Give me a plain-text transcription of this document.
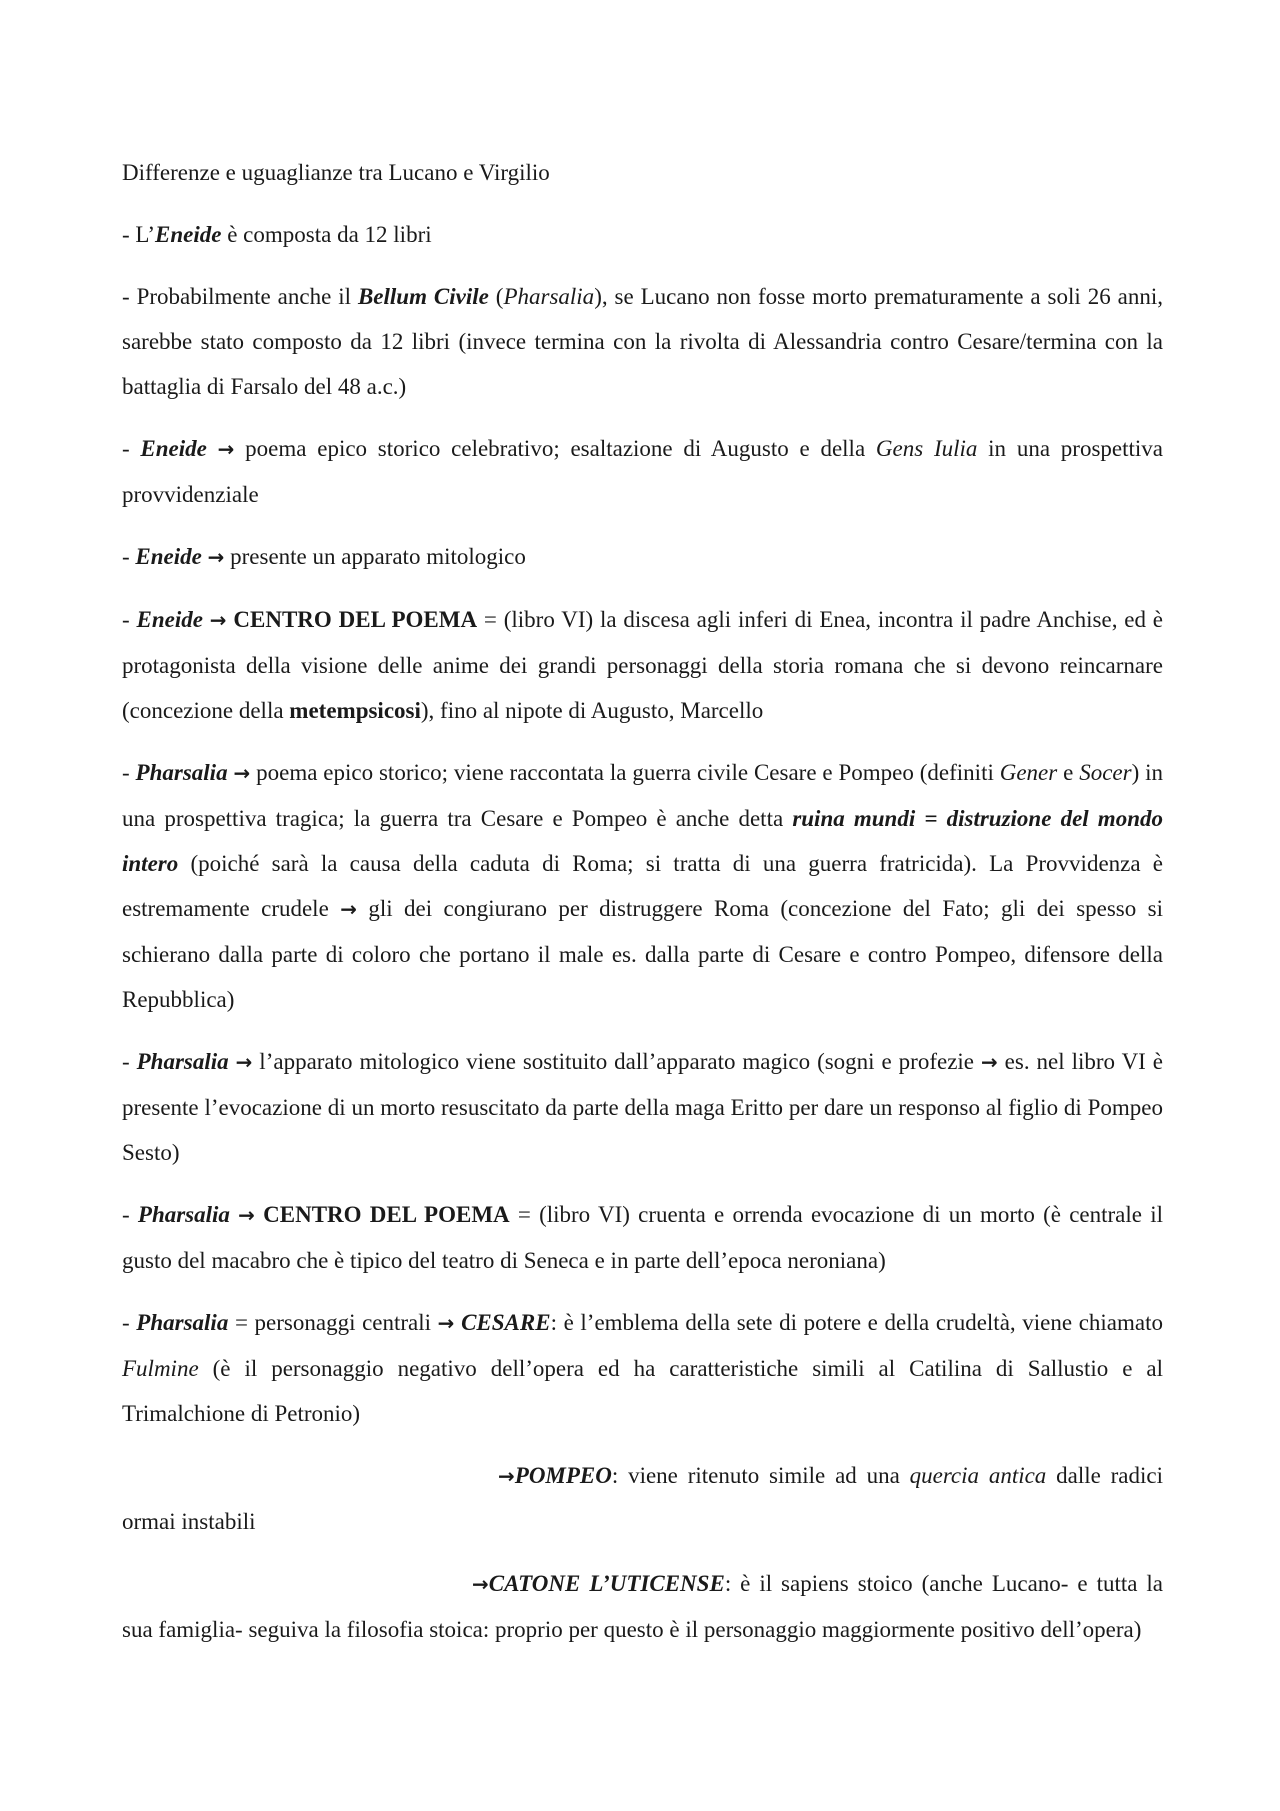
Differenze e uguaglianze tra Lucano e Virgilio

- L’Eneide è composta da 12 libri

- Probabilmente anche il Bellum Civile (Pharsalia), se Lucano non fosse morto prematuramente a soli 26 anni, sarebbe stato composto da 12 libri (invece termina con la rivolta di Alessandria contro Cesare/termina con la battaglia di Farsalo del 48 a.c.)

- Eneide → poema epico storico celebrativo; esaltazione di Augusto e della Gens Iulia in una prospettiva provvidenziale

- Eneide → presente un apparato mitologico

- Eneide → CENTRO DEL POEMA = (libro VI) la discesa agli inferi di Enea, incontra il padre Anchise, ed è protagonista della visione delle anime dei grandi personaggi della storia romana che si devono reincarnare (concezione della metempsicosi), fino al nipote di Augusto, Marcello

- Pharsalia → poema epico storico; viene raccontata la guerra civile Cesare e Pompeo (definiti Gener e Socer) in una prospettiva tragica; la guerra tra Cesare e Pompeo è anche detta ruina mundi = distruzione del mondo intero (poiché sarà la causa della caduta di Roma; si tratta di una guerra fratricida). La Provvidenza è estremamente crudele → gli dei congiurano per distruggere Roma (concezione del Fato; gli dei spesso si schierano dalla parte di coloro che portano il male es. dalla parte di Cesare e contro Pompeo, difensore della Repubblica)

- Pharsalia → l’apparato mitologico viene sostituito dall’apparato magico (sogni e profezie → es. nel libro VI è presente l’evocazione di un morto resuscitato da parte della maga Eritto per dare un responso al figlio di Pompeo Sesto)

- Pharsalia → CENTRO DEL POEMA = (libro VI) cruenta e orrenda evocazione di un morto (è centrale il gusto del macabro che è tipico del teatro di Seneca e in parte dell’epoca neroniana)

- Pharsalia = personaggi centrali → CESARE: è l’emblema della sete di potere e della crudeltà, viene chiamato Fulmine (è il personaggio negativo dell’opera ed ha caratteristiche simili al Catilina di Sallustio e al Trimalchione di Petronio)

→POMPEO: viene ritenuto simile ad una quercia antica dalle radici ormai instabili

→CATONE L’UTICENSE: è il sapiens stoico (anche Lucano- e tutta la sua famiglia- seguiva la filosofia stoica: proprio per questo è il personaggio maggiormente positivo dell’opera)
